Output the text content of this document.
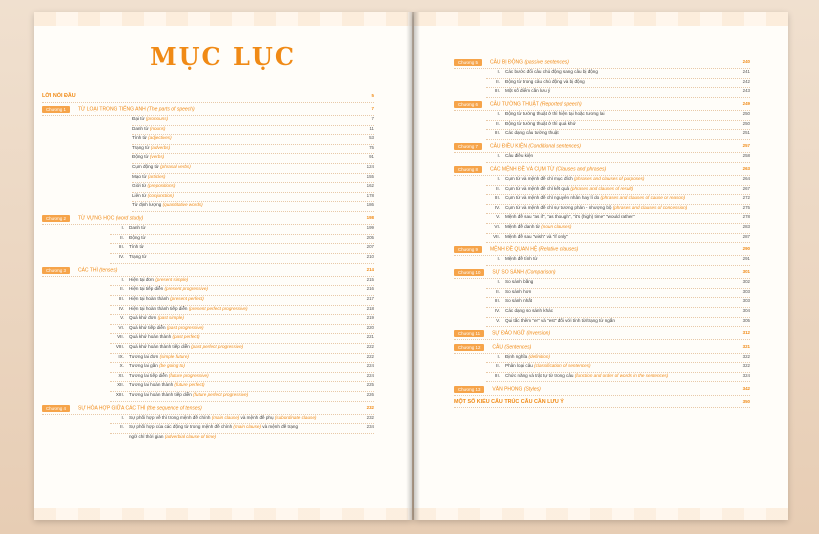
MỤC LỤC
LỜI NÓI ĐẦU	5
Chương 1 TỪ LOẠI TRONG TIẾNG ANH (The parts of speech)	7
Đại từ (pronouns)	7
Danh từ (nouns)	11
Tính từ (adjectives)	53
Trạng từ (adverbs)	75
Động từ (verbs)	91
Cụm động từ (phrasal verbs)	124
Mạo từ (articles)	155
Giới từ (prepositions)	162
Liên từ (conjunction)	178
Từ định lượng (quantitative words)	186
Chương 2 TỪ VỰNG HỌC (word study)	198
I. Danh từ	199
II. Động từ	205
III. Tính từ	207
IV. Trạng từ	210
Chương 3 CÁC THÌ (tenses)	214
I. Hiện tại đơn (present simple)	215
II. Hiện tại tiếp diễn (present progressive)	216
III. Hiện tại hoàn thành (present perfect)	217
IV. Hiện tại hoàn thành tiếp diễn (present perfect progressive)	218
V. Quá khứ đơn (past simple)	219
VI. Quá khứ tiếp diễn (past progressive)	220
VII. Quá khứ hoàn thành (past perfect)	221
VIII. Quá khứ hoàn thành tiếp diễn (past perfect progressive)	222
IX. Tương lai đơn (simple future)	222
X. Tương lai gần (be going to)	224
XI. Tương lai tiếp diễn (future progressive)	224
XII. Tương lai hoàn thành (future perfect)	225
XIII. Tương lai hoàn thành tiếp diễn (future perfect progressive)	226
Chương 4 SỰ HÒA HỢP GIỮA CÁC THÌ (the sequence of tenses)	232
I. Sự phối hợp về thì trong mệnh đề chính (main clause) và mệnh đề phụ (subordinate clause)	232
II. Sự phối hợp của các động từ trong mệnh đề chính (main clause) và mệnh đề trạng	234
ngữ chỉ thời gian (adverbial clause of time)
Chương 5 CÂU BỊ ĐỘNG (passive sentences)	240
I. Các bước đổi câu chủ động sang câu bị động	241
II. Động từ trong câu chủ động và bị động	242
III. Một số điểm cần lưu ý	243
Chương 6 CÂU TƯỜNG THUẬT (Reported speech)	249
I. Động từ tường thuật ở thì hiện tại hoặc tương lai	250
II. Động từ tường thuật ở thì quá khứ	250
III. Các dạng câu tường thuật	251
Chương 7 CÂU ĐIỀU KIỆN (Conditional sentences)	257
I. Câu điều kiện	258
Chương 8 CÁC MỆNH ĐỀ VÀ CỤM TỪ (Clauses and phrases)	263
I. Cụm từ và mệnh đề chỉ mục đích (phrases and clauses of purposes)	264
II. Cụm từ và mệnh đề chỉ kết quả (phrases and clauses of result)	267
III. Cụm từ và mệnh đề chỉ nguyên nhân hay lí do (phrases and clauses of cause or reason)	272
IV. Cụm từ và mệnh đề chỉ sự tương phản - nhượng bộ (phrases and clauses of concession)	275
V. Mệnh đề sau "as if", "as though", "it's (high) time" "would rather"	278
VI. Mệnh đề danh từ (noun clauses)	283
VII. Mệnh đề sau "wish" và "if only"	287
Chương 9 MỆNH ĐỀ QUAN HỆ (Relative clauses)	290
I. Mệnh đề tính từ	291
Chương 10 SỰ SO SÁNH (Comparison)	301
I. So sánh bằng	302
II. So sánh hơn	303
III. So sánh nhất	303
IV. Các dạng so sánh khác	304
V. Qui tắc thêm "er" và "est" đối với tính từ/trạng từ ngắn	305
Chương 11 SỰ ĐẢO NGỮ (Inversion)	312
Chương 12 CÂU (Sentences)	321
I. Định nghĩa (definition)	322
II. Phân loại câu (classification of sentences)	322
III. Chức năng và trật tự từ trong câu (function and order of words in the sentences)	324
Chương 13 VĂN PHONG (Styles)	342
MỘT SỐ KIỂU CẤU TRÚC CÂU CẦN LƯU Ý	350
